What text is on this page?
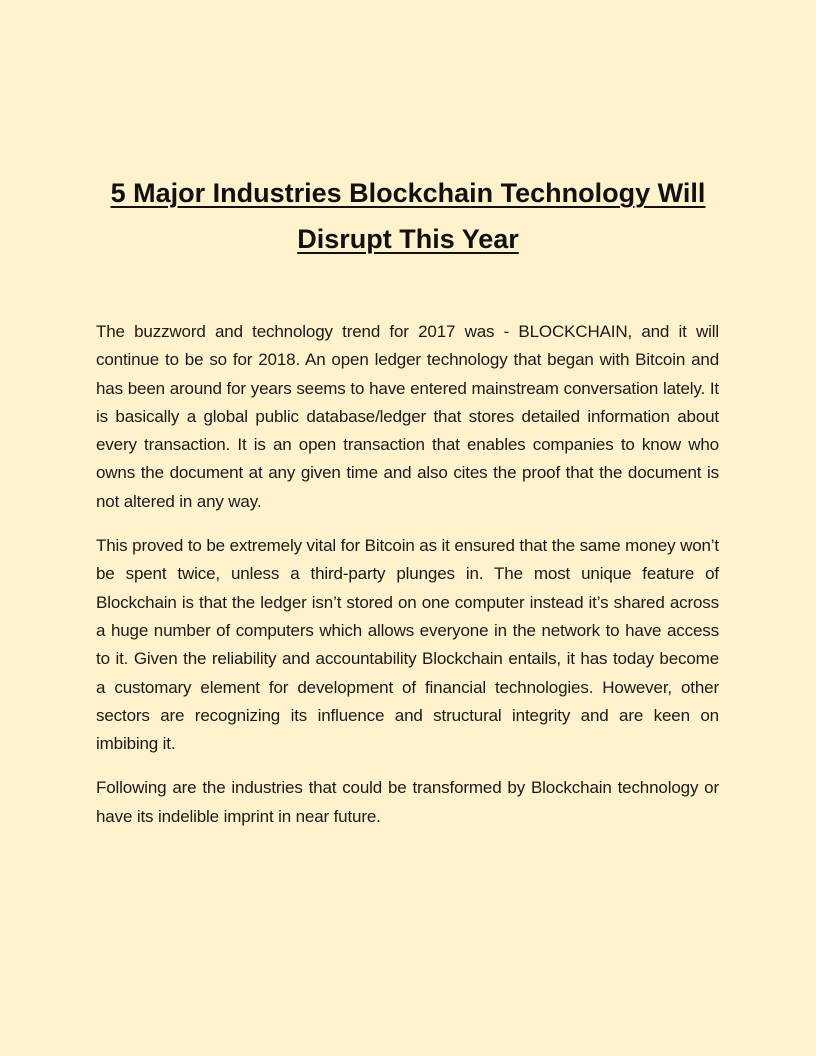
5 Major Industries Blockchain Technology Will
Disrupt This Year

The buzzword and technology trend for 2017 was - BLOCKCHAIN, and it will continue to be so for 2018. An open ledger technology that began with Bitcoin and has been around for years seems to have entered mainstream conversation lately. It is basically a global public database/ledger that stores detailed information about every transaction. It is an open transaction that enables companies to know who owns the document at any given time and also cites the proof that the document is not altered in any way.

This proved to be extremely vital for Bitcoin as it ensured that the same money won’t be spent twice, unless a third-party plunges in. The most unique feature of Blockchain is that the ledger isn’t stored on one computer instead it’s shared across a huge number of computers which allows everyone in the network to have access to it. Given the reliability and accountability Blockchain entails, it has today become a customary element for development of financial technologies. However, other sectors are recognizing its influence and structural integrity and are keen on imbibing it.

Following are the industries that could be transformed by Blockchain technology or have its indelible imprint in near future.
